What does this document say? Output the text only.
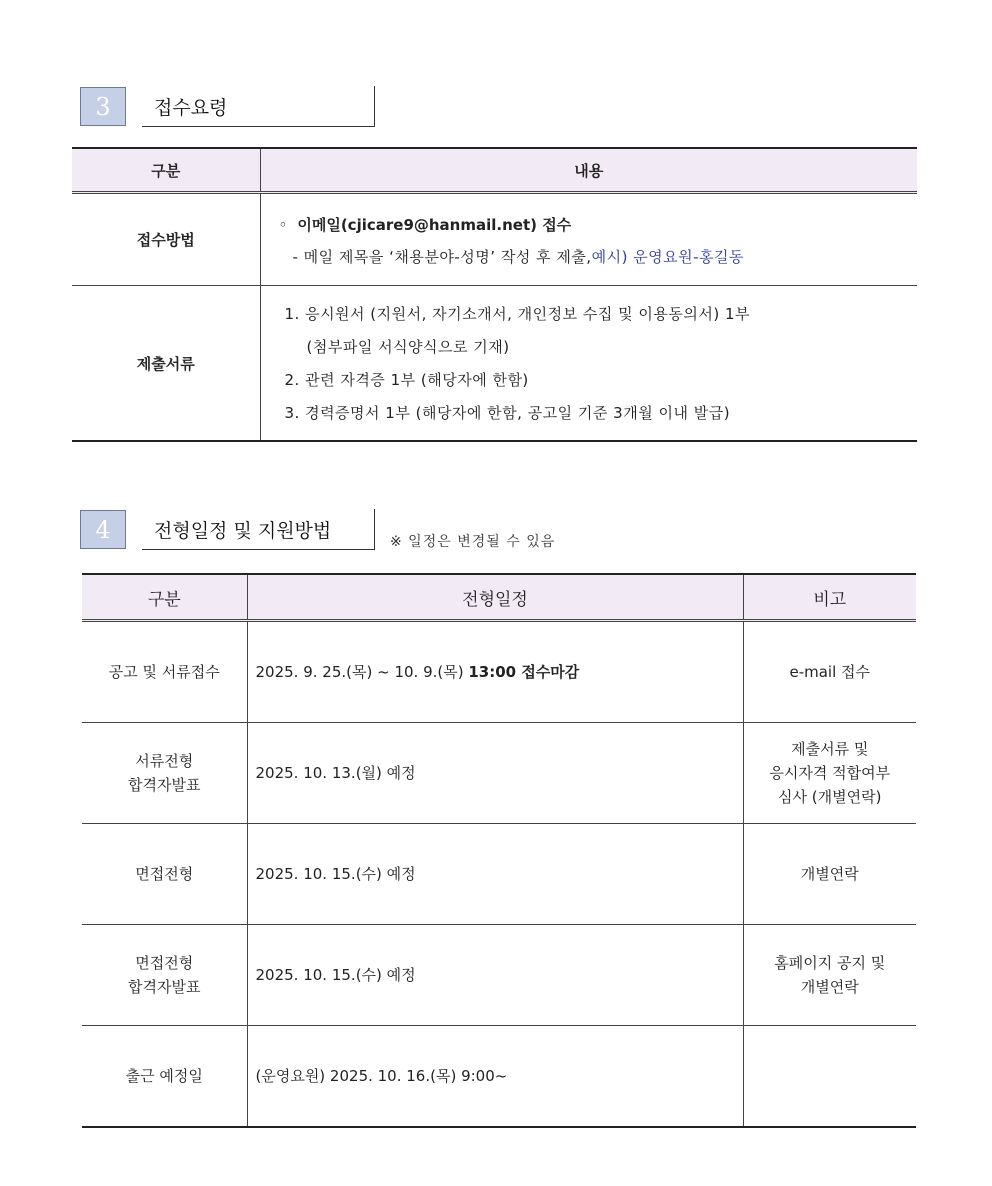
3	접수요령
구분	내용
접수방법	◦ 이메일(cjicare9@hanmail.net) 접수
- 메일 제목을 ‘채용분야-성명’ 작성 후 제출, 예시) 운영요원-홍길동

제출서류	1. 응시원서 (지원서, 자기소개서, 개인정보 수집 및 이용동의서) 1부
(첨부파일 서식양식으로 기재)
2. 관련 자격증 1부 (해당자에 한함)
3. 경력증명서 1부 (해당자에 한함, 공고일 기준 3개월 이내 발급)
4	전형일정 및 지원방법
※ 일정은 변경될 수 있음
구분	전형일정	비고

공고 및 서류접수	2025. 9. 25.(목) ~ 10. 9.(목) 13:00 접수마감	e-mail 접수

서류전형
합격자발표	2025. 10. 13.(월) 예정	제출서류 및
응시자격 적합여부
심사 (개별연락)

면접전형	2025. 10. 15.(수) 예정	개별연락

면접전형
합격자발표	2025. 10. 15.(수) 예정	홈페이지 공지 및
개별연락

출근 예정일	(운영요원) 2025. 10. 16.(목) 9:00~	
